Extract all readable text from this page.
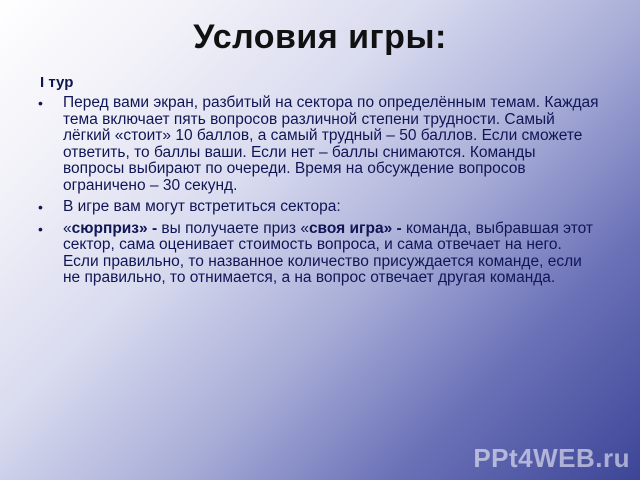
Условия игры:
I тур
• Перед вами экран, разбитый на сектора по определённым темам. Каждая тема включает пять вопросов различной степени трудности. Самый лёгкий «стоит» 10 баллов, а самый трудный – 50 баллов. Если сможете ответить, то баллы ваши. Если нет – баллы снимаются. Команды вопросы выбирают по очереди. Время на обсуждение вопросов ограничено – 30 секунд.
• В игре вам могут встретиться сектора:
• «сюрприз» - вы получаете приз «своя игра» - команда, выбравшая этот сектор, сама оценивает стоимость вопроса, и сама отвечает на него. Если правильно, то названное количество присуждается команде, если не правильно, то отнимается, а на вопрос отвечает другая команда.
PPt4WEB.ru
